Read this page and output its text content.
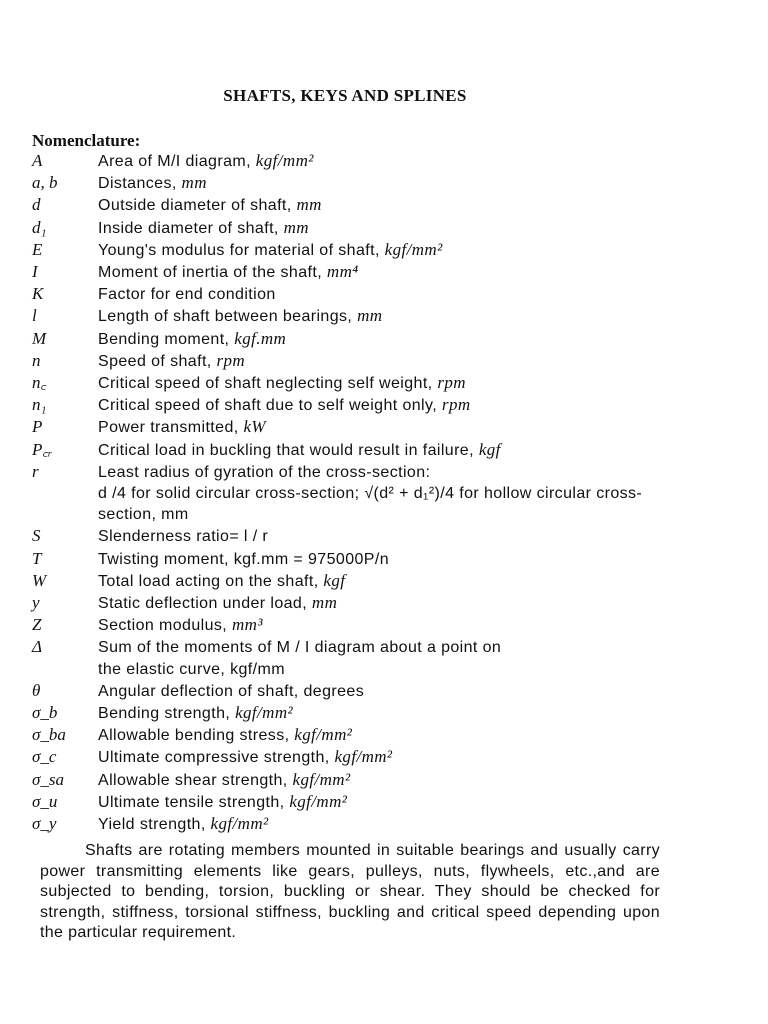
SHAFTS, KEYS AND SPLINES
Nomenclature:
A	Area of M/I diagram, kgf/mm²
a, b	Distances, mm
d	Outside diameter of shaft, mm
d₁	Inside diameter of shaft, mm
E	Young's modulus for material of shaft, kgf/mm²
I	Moment of inertia of the shaft, mm⁴
K	Factor for end condition
l	Length of shaft between bearings, mm
M	Bending moment, kgf.mm
n	Speed of shaft, rpm
n꜀	Critical speed of shaft neglecting self weight, rpm
n₁	Critical speed of shaft due to self weight only, rpm
P	Power transmitted, kW
P꜀ᵣ	Critical load in buckling that would result in failure, kgf
r	Least radius of gyration of the cross-section:
d /4 for solid circular cross-section; √(d² + d₁²)/4 for hollow circular cross-section, mm
S	Slenderness ratio= l / r
T	Twisting moment, kgf.mm = 975000P/n
W	Total load acting on the shaft, kgf
y	Static deflection under load, mm
Z	Section modulus, mm³
Δ	Sum of the moments of M / I diagram about a point on
the elastic curve, kgf/mm
θ	Angular deflection of shaft, degrees
σ_b	Bending strength, kgf/mm²
σ_ba	Allowable bending stress, kgf/mm²
σ_c	Ultimate compressive strength, kgf/mm²
σ_sa	Allowable shear strength, kgf/mm²
σ_u	Ultimate tensile strength, kgf/mm²
σ_y	Yield strength, kgf/mm²
Shafts are rotating members mounted in suitable bearings and usually carry power transmitting elements like gears, pulleys, nuts, flywheels, etc.,and are subjected to bending, torsion, buckling or shear. They should be checked for strength, stiffness, torsional stiffness, buckling and critical speed depending upon the particular requirement.
